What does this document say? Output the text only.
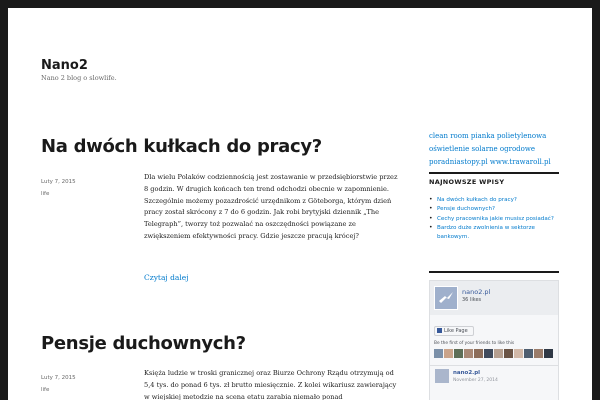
Nano2

Nano 2 blog o slowlife.

Na dwóch kułkach do pracy?
Luty 7, 2015
life

Dla wielu Polaków codziennością jest zostawanie w przedsiębiorstwie przez 8 godzin. W drugich końcach ten trend odchodzi obecnie w zapomnienie. Szczególnie możemy pozazdrościć urzędnikom z Göteborga, którym dzień pracy został skrócony z 7 do 6 godzin. Jak robi brytyjski dziennik „The Telegraph”, tworzy toż pozwalać na oszczędności powiązane ze zwiększeniem efektywności pracy. Gdzie jeszcze pracują krócej?

Czytaj dalej
Pensje duchownych?
Luty 7, 2015
life

Księża ludzie w troski granicznej oraz Biurze Ochrony Rządu otrzymują od 5,4 tys. do ponad 6 tys. zł brutto miesięcznie. Z kolei wikariusz zawierający w wiejskiej metodzie na scena etatu zarabia niemało ponad

clean room pianka polietylenowa
oświetlenie solarne ogrodowe
poradniastopy.pl www.trawaroll.pl
NAJNOWSZE WPISY
• Na dwóch kułkach do pracy?
• Pensje duchownych?
• Cechy pracownika jakie musisz posiadać?
• Bardzo duże zwolnienia w sektorze bankowym.
nano2.pl
36 likes
Like Page
Be the first of your friends to like this
nano2.pl
November 27, 2014
